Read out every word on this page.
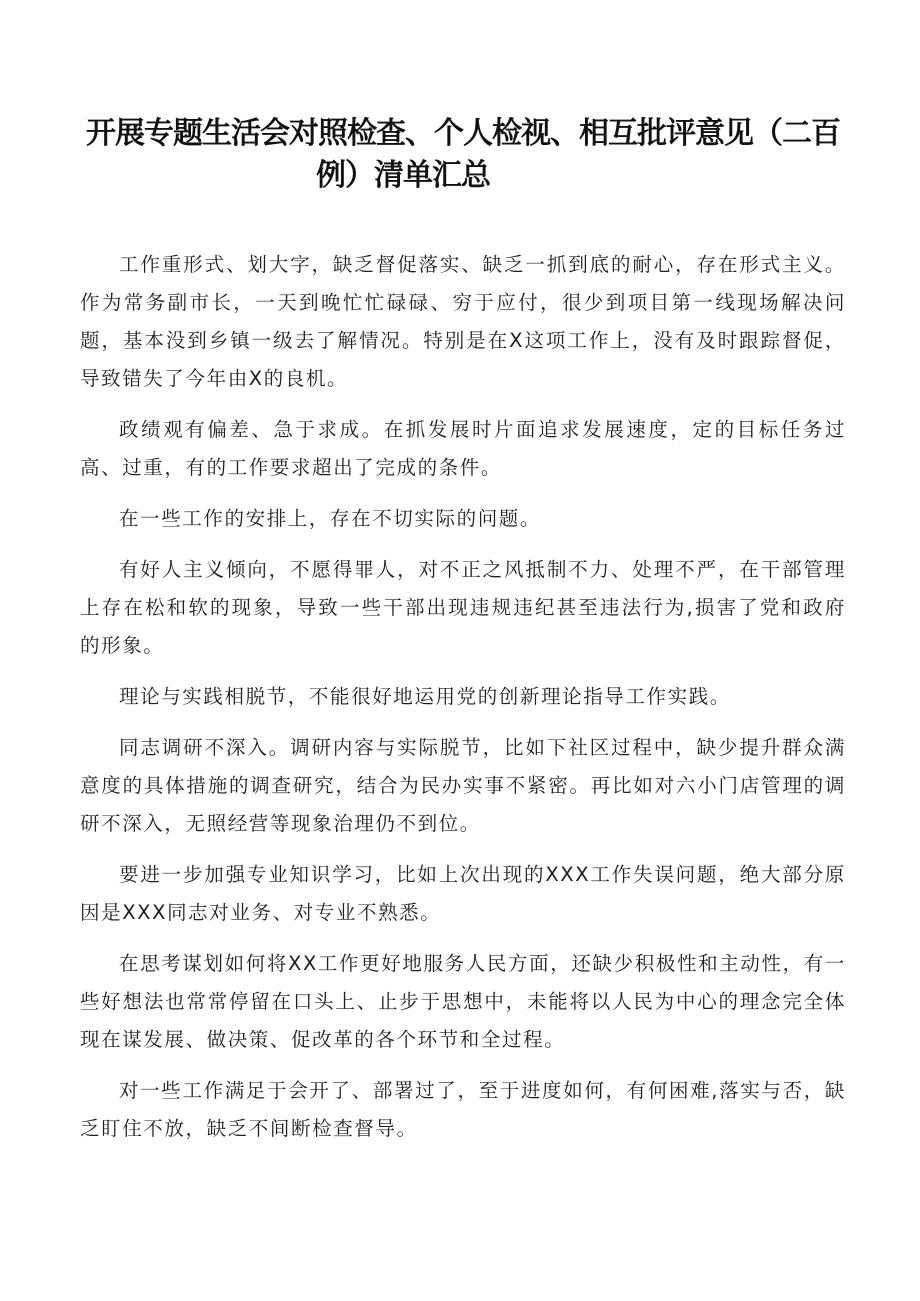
开展专题生活会对照检查、个人检视、相互批评意见（二百
例）清单汇总

工作重形式、划大字，缺乏督促落实、缺乏一抓到底的耐心，存在形式主义。作为常务副市长，一天到晚忙忙碌碌、穷于应付，很少到项目第一线现场解决问题，基本没到乡镇一级去了解情况。特别是在X这项工作上，没有及时跟踪督促，导致错失了今年由X的良机。

政绩观有偏差、急于求成。在抓发展时片面追求发展速度，定的目标任务过高、过重，有的工作要求超出了完成的条件。

在一些工作的安排上，存在不切实际的问题。

有好人主义倾向，不愿得罪人，对不正之风抵制不力、处理不严，在干部管理上存在松和软的现象，导致一些干部出现违规违纪甚至违法行为,损害了党和政府的形象。

理论与实践相脱节，不能很好地运用党的创新理论指导工作实践。

同志调研不深入。调研内容与实际脱节，比如下社区过程中，缺少提升群众满意度的具体措施的调查研究，结合为民办实事不紧密。再比如对六小门店管理的调研不深入，无照经营等现象治理仍不到位。

要进一步加强专业知识学习，比如上次出现的XXX工作失误问题，绝大部分原因是XXX同志对业务、对专业不熟悉。

在思考谋划如何将XX工作更好地服务人民方面，还缺少积极性和主动性，有一些好想法也常常停留在口头上、止步于思想中，未能将以人民为中心的理念完全体现在谋发展、做决策、促改革的各个环节和全过程。

对一些工作满足于会开了、部署过了，至于进度如何，有何困难,落实与否，缺乏盯住不放，缺乏不间断检查督导。
